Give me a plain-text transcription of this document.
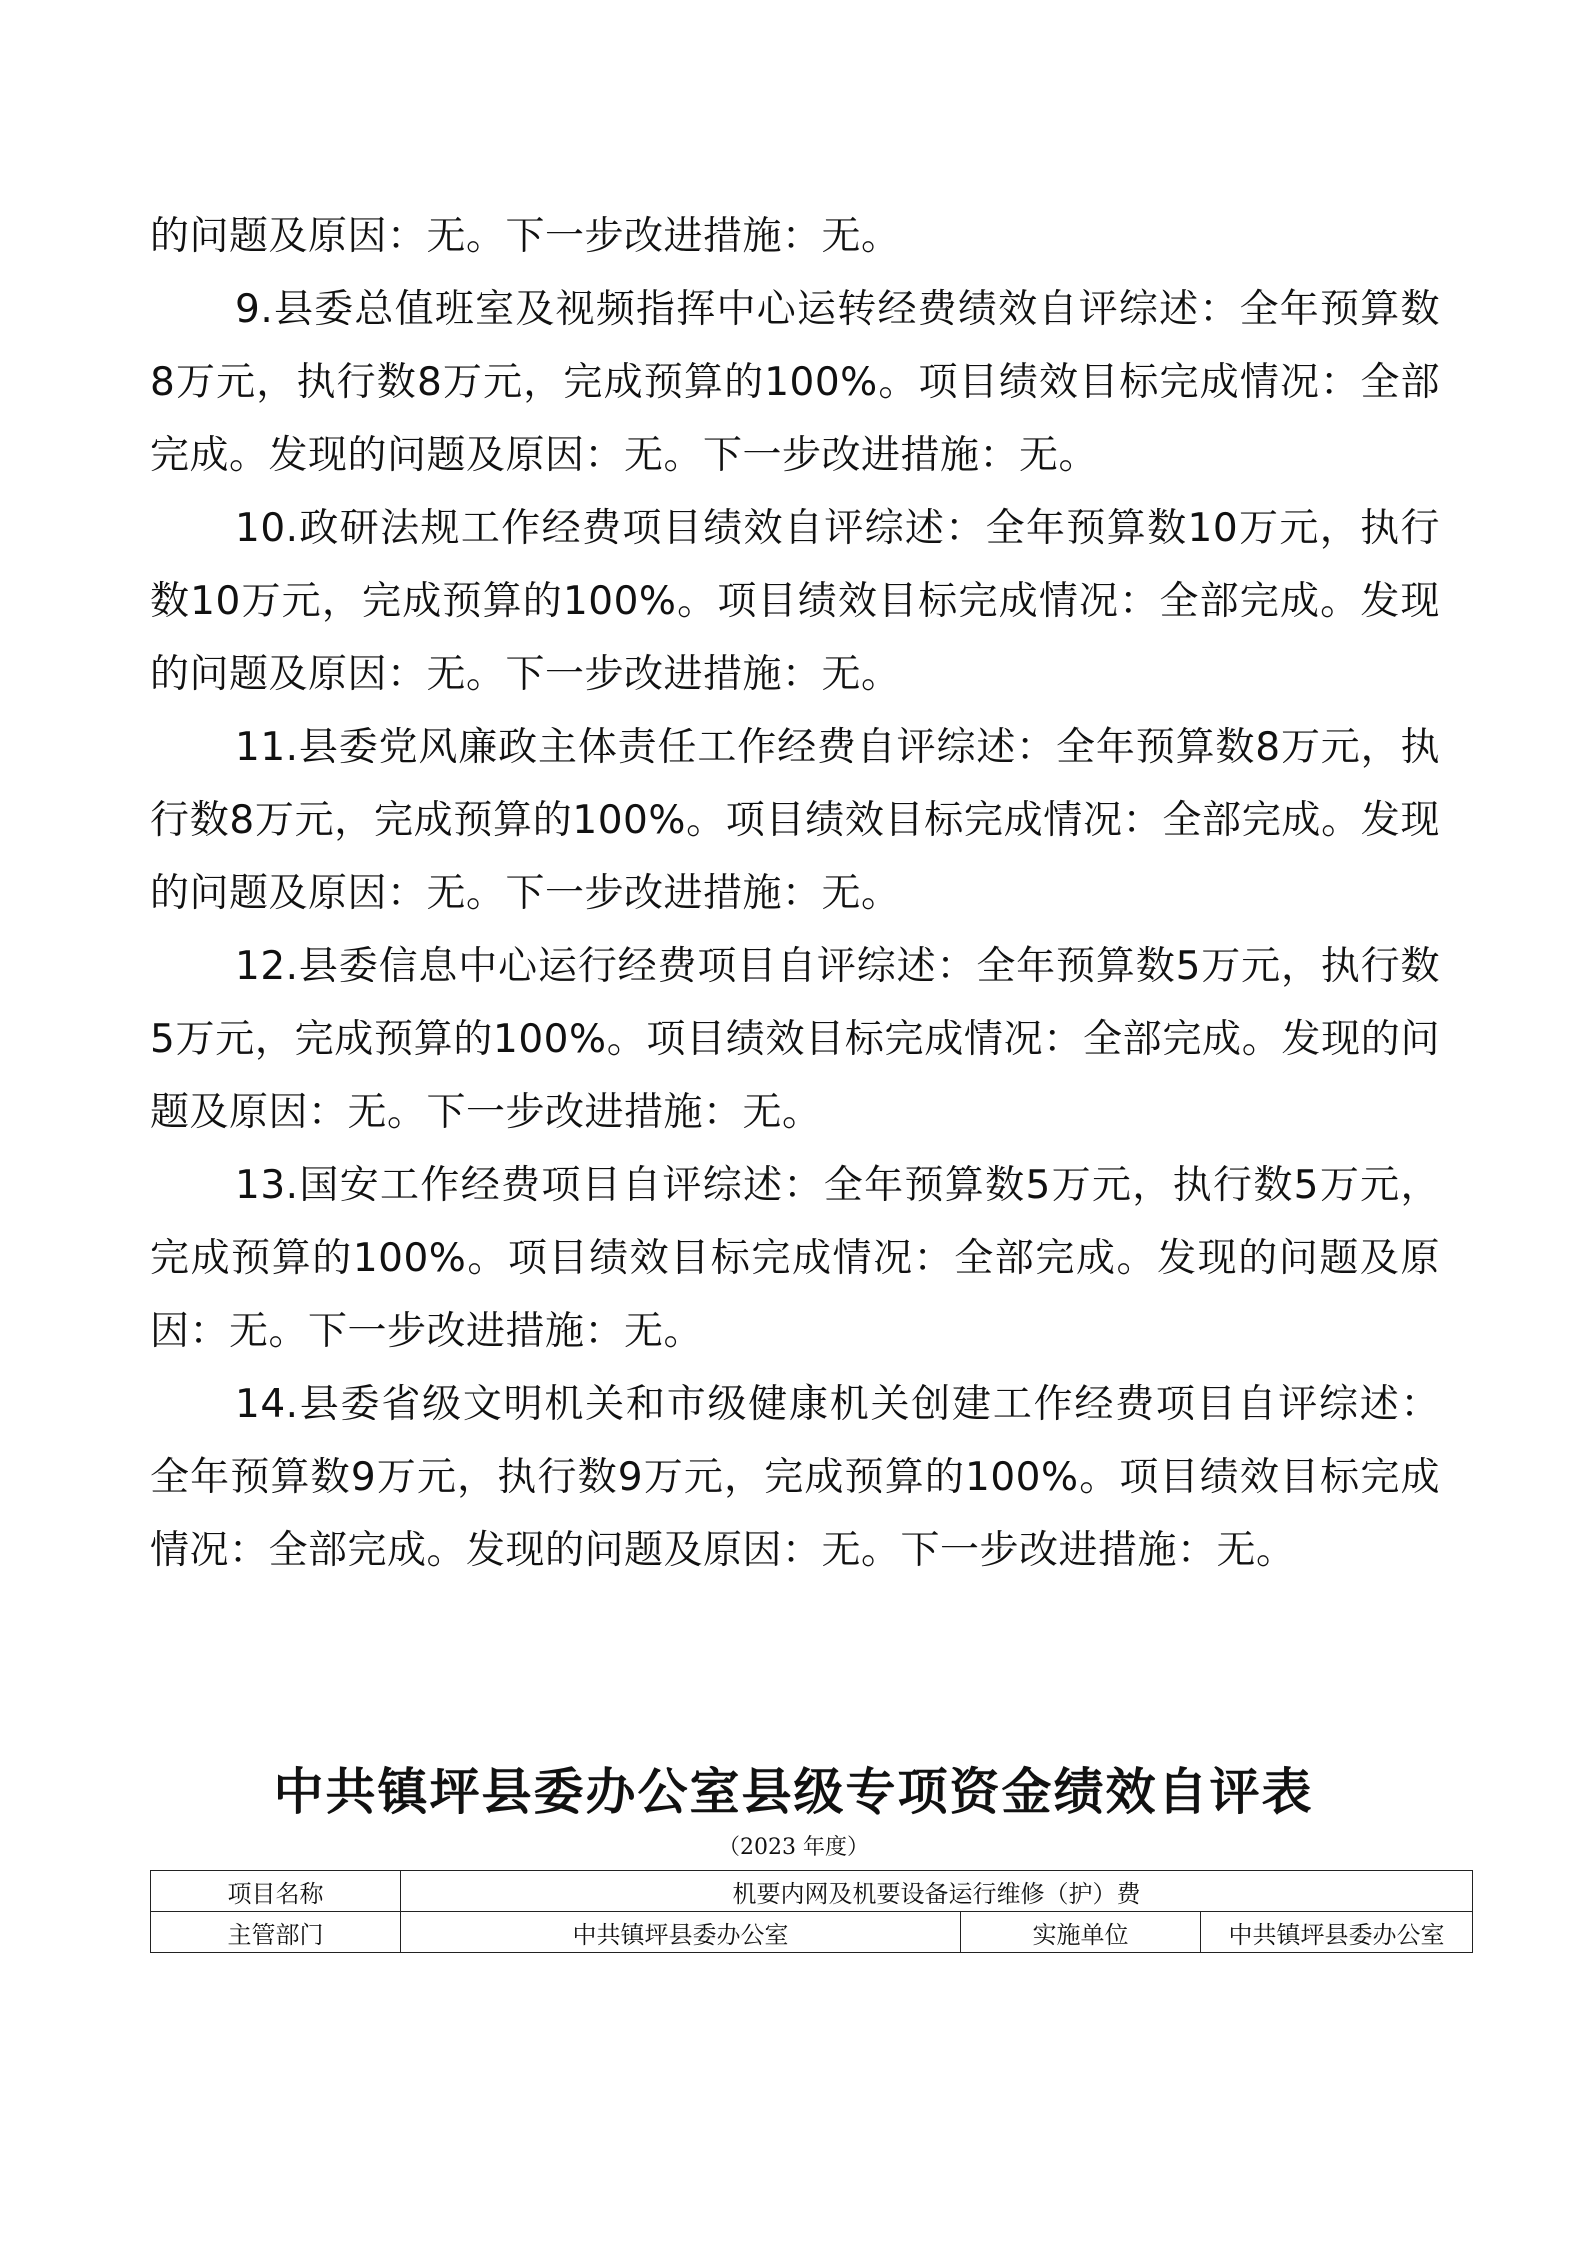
的问题及原因：无。下一步改进措施：无。

9.县委总值班室及视频指挥中心运转经费绩效自评综述：全年预算数8万元，执行数8万元，完成预算的100%。项目绩效目标完成情况：全部完成。发现的问题及原因：无。下一步改进措施：无。

10.政研法规工作经费项目绩效自评综述：全年预算数10万元，执行数10万元，完成预算的100%。项目绩效目标完成情况：全部完成。发现的问题及原因：无。下一步改进措施：无。

11.县委党风廉政主体责任工作经费自评综述：全年预算数8万元，执行数8万元，完成预算的100%。项目绩效目标完成情况：全部完成。发现的问题及原因：无。下一步改进措施：无。

12.县委信息中心运行经费项目自评综述：全年预算数5万元，执行数5万元，完成预算的100%。项目绩效目标完成情况：全部完成。发现的问题及原因：无。下一步改进措施：无。

13.国安工作经费项目自评综述：全年预算数5万元，执行数5万元，完成预算的100%。项目绩效目标完成情况：全部完成。发现的问题及原因：无。下一步改进措施：无。

14.县委省级文明机关和市级健康机关创建工作经费项目自评综述：全年预算数9万元，执行数9万元，完成预算的100%。项目绩效目标完成情况：全部完成。发现的问题及原因：无。下一步改进措施：无。

中共镇坪县委办公室县级专项资金绩效自评表
（2023 年度）
项目名称	机要内网及机要设备运行维修（护）费		
主管部门	中共镇坪县委办公室	实施单位	中共镇坪县委办公室
